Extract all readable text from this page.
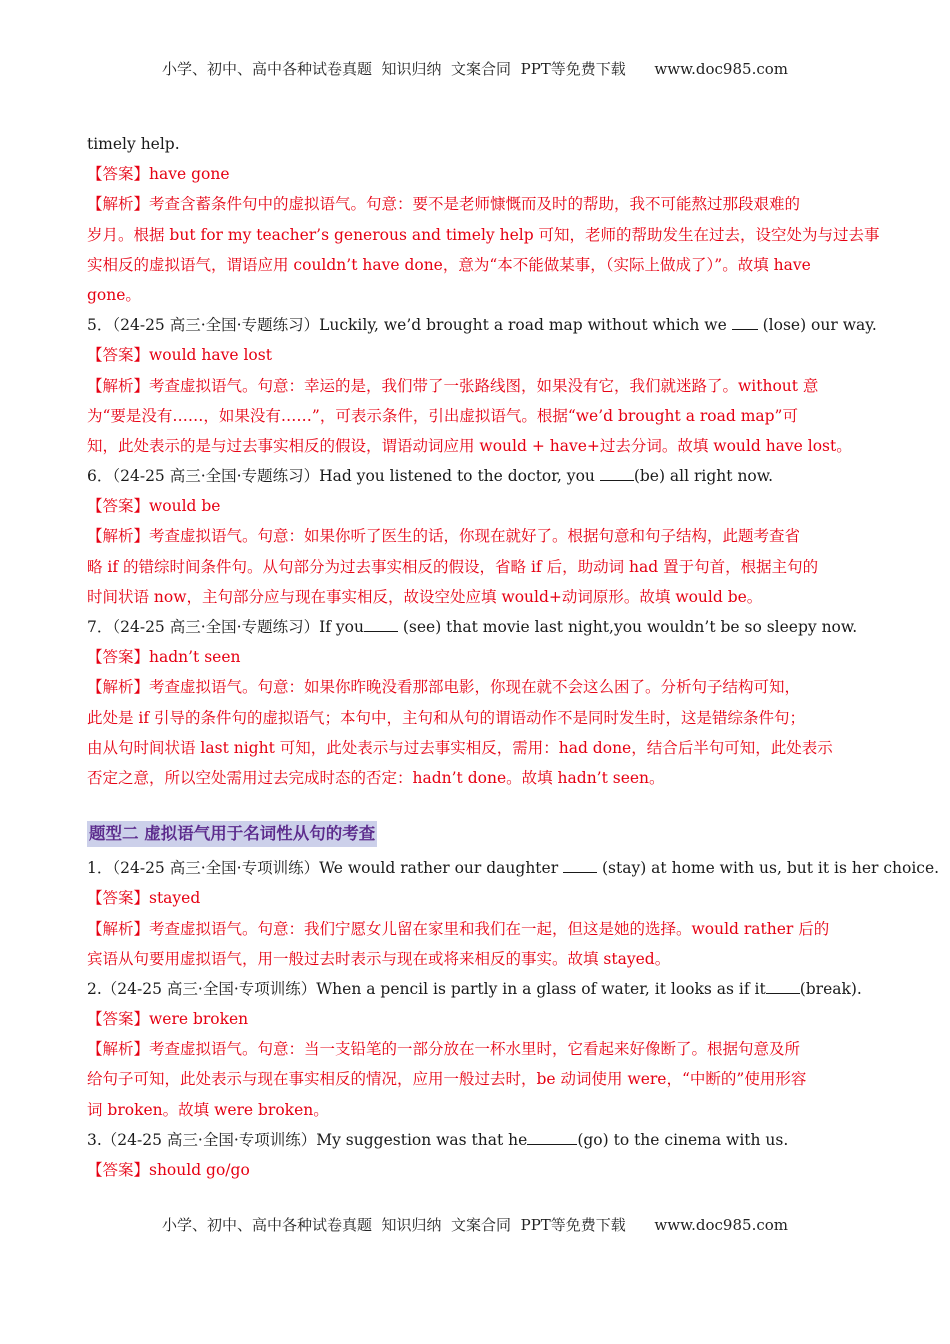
小学、初中、高中各种试卷真题  知识归纳  文案合同  PPT等免费下载      www.doc985.com
timely help.
【答案】have gone
【解析】考查含蓄条件句中的虚拟语气。句意：要不是老师慷慨而及时的帮助，我不可能熬过那段艰难的
岁月。根据 but for my teacher’s generous and timely help 可知，老师的帮助发生在过去，设空处为与过去事
实相反的虚拟语气，谓语应用 couldn’t have done，意为“本不能做某事，（实际上做成了）”。故填 have
gone。
5．（24-25 高三·全国·专题练习）Luckily, we’d brought a road map without which we  (lose) our way.
【答案】would have lost
【解析】考查虚拟语气。句意：幸运的是，我们带了一张路线图，如果没有它，我们就迷路了。without 意
为“要是没有……，如果没有……”，可表示条件，引出虚拟语气。根据“we’d brought a road map”可
知，此处表示的是与过去事实相反的假设，谓语动词应用 would + have+过去分词。故填 would have lost。
6．（24-25 高三·全国·专题练习）Had you listened to the doctor, you (be) all right now.
【答案】would be
【解析】考查虚拟语气。句意：如果你听了医生的话，你现在就好了。根据句意和句子结构，此题考查省
略 if 的错综时间条件句。从句部分为过去事实相反的假设，省略 if 后，助动词 had 置于句首，根据主句的
时间状语 now，主句部分应与现在事实相反，故设空处应填 would+动词原形。故填 would be。
7．（24-25 高三·全国·专题练习）If you (see) that movie last night,you wouldn’t be so sleepy now.
【答案】hadn’t seen
【解析】考查虚拟语气。句意：如果你昨晚没看那部电影，你现在就不会这么困了。分析句子结构可知，
此处是 if 引导的条件句的虚拟语气；本句中，主句和从句的谓语动作不是同时发生时，这是错综条件句；
由从句时间状语 last night 可知，此处表示与过去事实相反，需用：had done，结合后半句可知，此处表示
否定之意，所以空处需用过去完成时态的否定：hadn’t done。故填 hadn’t seen。
题型二 虚拟语气用于名词性从句的考查
1．（24-25 高三·全国·专项训练）We would rather our daughter  (stay) at home with us, but it is her choice.
【答案】stayed
【解析】考查虚拟语气。句意：我们宁愿女儿留在家里和我们在一起，但这是她的选择。would rather 后的
宾语从句要用虚拟语气，用一般过去时表示与现在或将来相反的事实。故填 stayed。
2.（24-25 高三·全国·专项训练）When a pencil is partly in a glass of water, it looks as if it (break).
【答案】were broken
【解析】考查虚拟语气。句意：当一支铅笔的一部分放在一杯水里时，它看起来好像断了。根据句意及所
给句子可知，此处表示与现在事实相反的情况，应用一般过去时，be 动词使用 were，“中断的”使用形容
词 broken。故填 were broken。
3.（24-25 高三·全国·专项训练）My suggestion was that he	(go) to the cinema with us.
【答案】should go/go
小学、初中、高中各种试卷真题  知识归纳  文案合同  PPT等免费下载      www.doc985.com
